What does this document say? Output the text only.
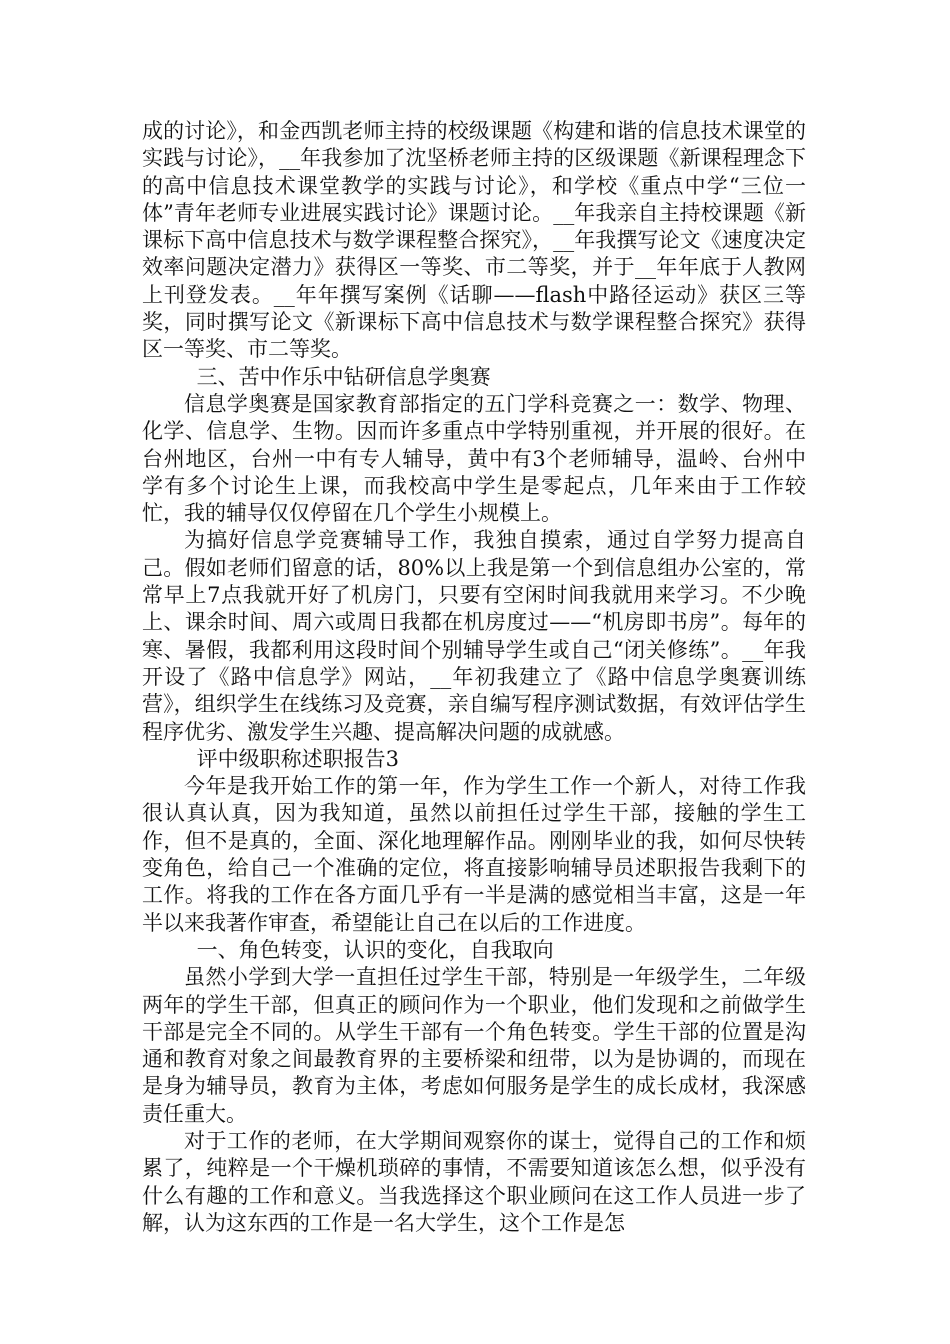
成的讨论》，和金西凯老师主持的校级课题《构建和谐的信息技术课堂的实践与讨论》，__年我参加了沈坚桥老师主持的区级课题《新课程理念下的高中信息技术课堂教学的实践与讨论》，和学校《重点中学“三位一体”青年老师专业进展实践讨论》课题讨论。__年我亲自主持校课题《新课标下高中信息技术与数学课程整合探究》，__年我撰写论文《速度决定效率问题决定潜力》获得区一等奖、市二等奖，并于__年年底于人教网上刊登发表。__年年撰写案例《话聊——flash中路径运动》获区三等奖，同时撰写论文《新课标下高中信息技术与数学课程整合探究》获得区一等奖、市二等奖。

三、苦中作乐中钻研信息学奥赛

信息学奥赛是国家教育部指定的五门学科竞赛之一：数学、物理、化学、信息学、生物。因而许多重点中学特别重视，并开展的很好。在台州地区，台州一中有专人辅导，黄中有3个老师辅导，温岭、台州中学有多个讨论生上课，而我校高中学生是零起点，几年来由于工作较忙，我的辅导仅仅停留在几个学生小规模上。

为搞好信息学竞赛辅导工作，我独自摸索，通过自学努力提高自己。假如老师们留意的话，80%以上我是第一个到信息组办公室的，常常早上7点我就开好了机房门，只要有空闲时间我就用来学习。不少晚上、课余时间、周六或周日我都在机房度过——“机房即书房”。每年的寒、暑假，我都利用这段时间个别辅导学生或自己“闭关修练”。__年我开设了《路中信息学》网站，__年初我建立了《路中信息学奥赛训练营》，组织学生在线练习及竞赛，亲自编写程序测试数据，有效评估学生程序优劣、激发学生兴趣、提高解决问题的成就感。

评中级职称述职报告3

今年是我开始工作的第一年，作为学生工作一个新人，对待工作我很认真认真，因为我知道，虽然以前担任过学生干部，接触的学生工作，但不是真的，全面、深化地理解作品。刚刚毕业的我，如何尽快转变角色，给自己一个准确的定位，将直接影响辅导员述职报告我剩下的工作。将我的工作在各方面几乎有一半是满的感觉相当丰富，这是一年半以来我著作审查，希望能让自己在以后的工作进度。

一、角色转变，认识的变化，自我取向

虽然小学到大学一直担任过学生干部，特别是一年级学生，二年级两年的学生干部，但真正的顾问作为一个职业，他们发现和之前做学生干部是完全不同的。从学生干部有一个角色转变。学生干部的位置是沟通和教育对象之间最教育界的主要桥梁和纽带，以为是协调的，而现在是身为辅导员，教育为主体，考虑如何服务是学生的成长成材，我深感责任重大。

对于工作的老师，在大学期间观察你的谋士，觉得自己的工作和烦累了，纯粹是一个干燥机琐碎的事情，不需要知道该怎么想，似乎没有什么有趣的工作和意义。当我选择这个职业顾问在这工作人员进一步了解，认为这东西的工作是一名大学生，这个工作是怎
